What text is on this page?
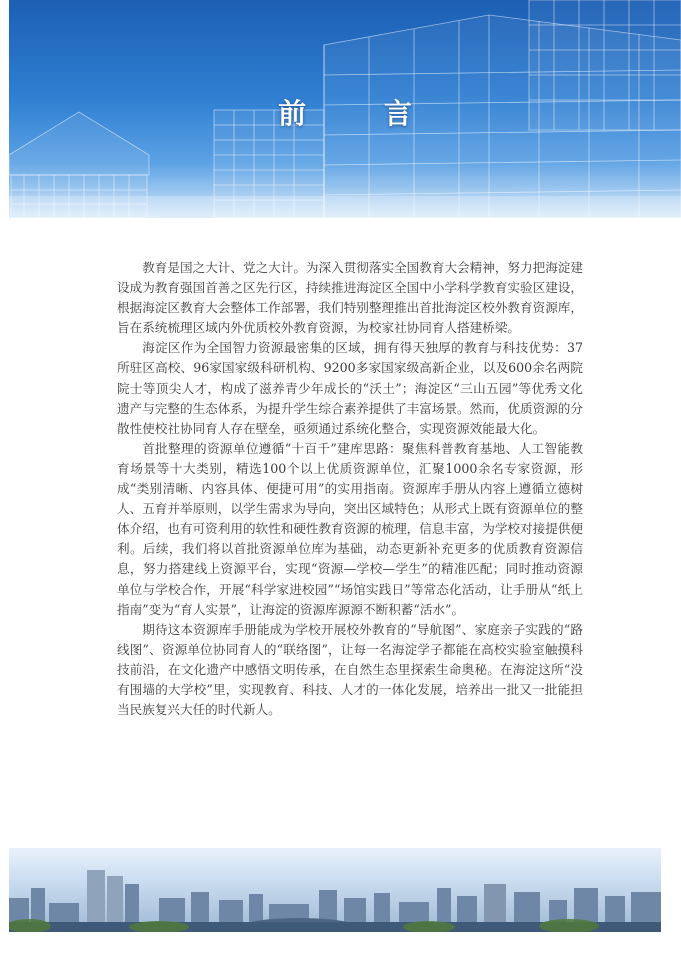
前 言

教育是国之大计、党之大计。为深入贯彻落实全国教育大会精神，努力把海淀建设成为教育强国首善之区先行区，持续推进海淀区全国中小学科学教育实验区建设，根据海淀区教育大会整体工作部署，我们特别整理推出首批海淀区校外教育资源库，旨在系统梳理区域内外优质校外教育资源，为校家社协同育人搭建桥梁。

海淀区作为全国智力资源最密集的区域，拥有得天独厚的教育与科技优势：37所驻区高校、96家国家级科研机构、9200多家国家级高新企业，以及600余名两院院士等顶尖人才，构成了滋养青少年成长的“沃土”；海淀区“三山五园”等优秀文化遗产与完整的生态体系，为提升学生综合素养提供了丰富场景。然而，优质资源的分散性使校社协同育人存在壁垒，亟须通过系统化整合，实现资源效能最大化。

首批整理的资源单位遵循“十百千”建库思路：聚焦科普教育基地、人工智能教育场景等十大类别，精选100个以上优质资源单位，汇聚1000余名专家资源，形成“类别清晰、内容具体、便捷可用”的实用指南。资源库手册从内容上遵循立德树人、五育并举原则，以学生需求为导向，突出区域特色；从形式上既有资源单位的整体介绍，也有可资利用的软性和硬性教育资源的梳理，信息丰富，为学校对接提供便利。后续，我们将以首批资源单位库为基础，动态更新补充更多的优质教育资源信息，努力搭建线上资源平台，实现“资源—学校—学生”的精准匹配；同时推动资源单位与学校合作，开展“科学家进校园”“场馆实践日”等常态化活动，让手册从“纸上指南”变为“育人实景”，让海淀的资源库源源不断积蓄“活水”。

期待这本资源库手册能成为学校开展校外教育的“导航图”、家庭亲子实践的“路线图”、资源单位协同育人的“联络图”，让每一名海淀学子都能在高校实验室触摸科技前沿，在文化遗产中感悟文明传承，在自然生态里探索生命奥秘。在海淀这所“没有围墙的大学校”里，实现教育、科技、人才的一体化发展，培养出一批又一批能担当民族复兴大任的时代新人。
